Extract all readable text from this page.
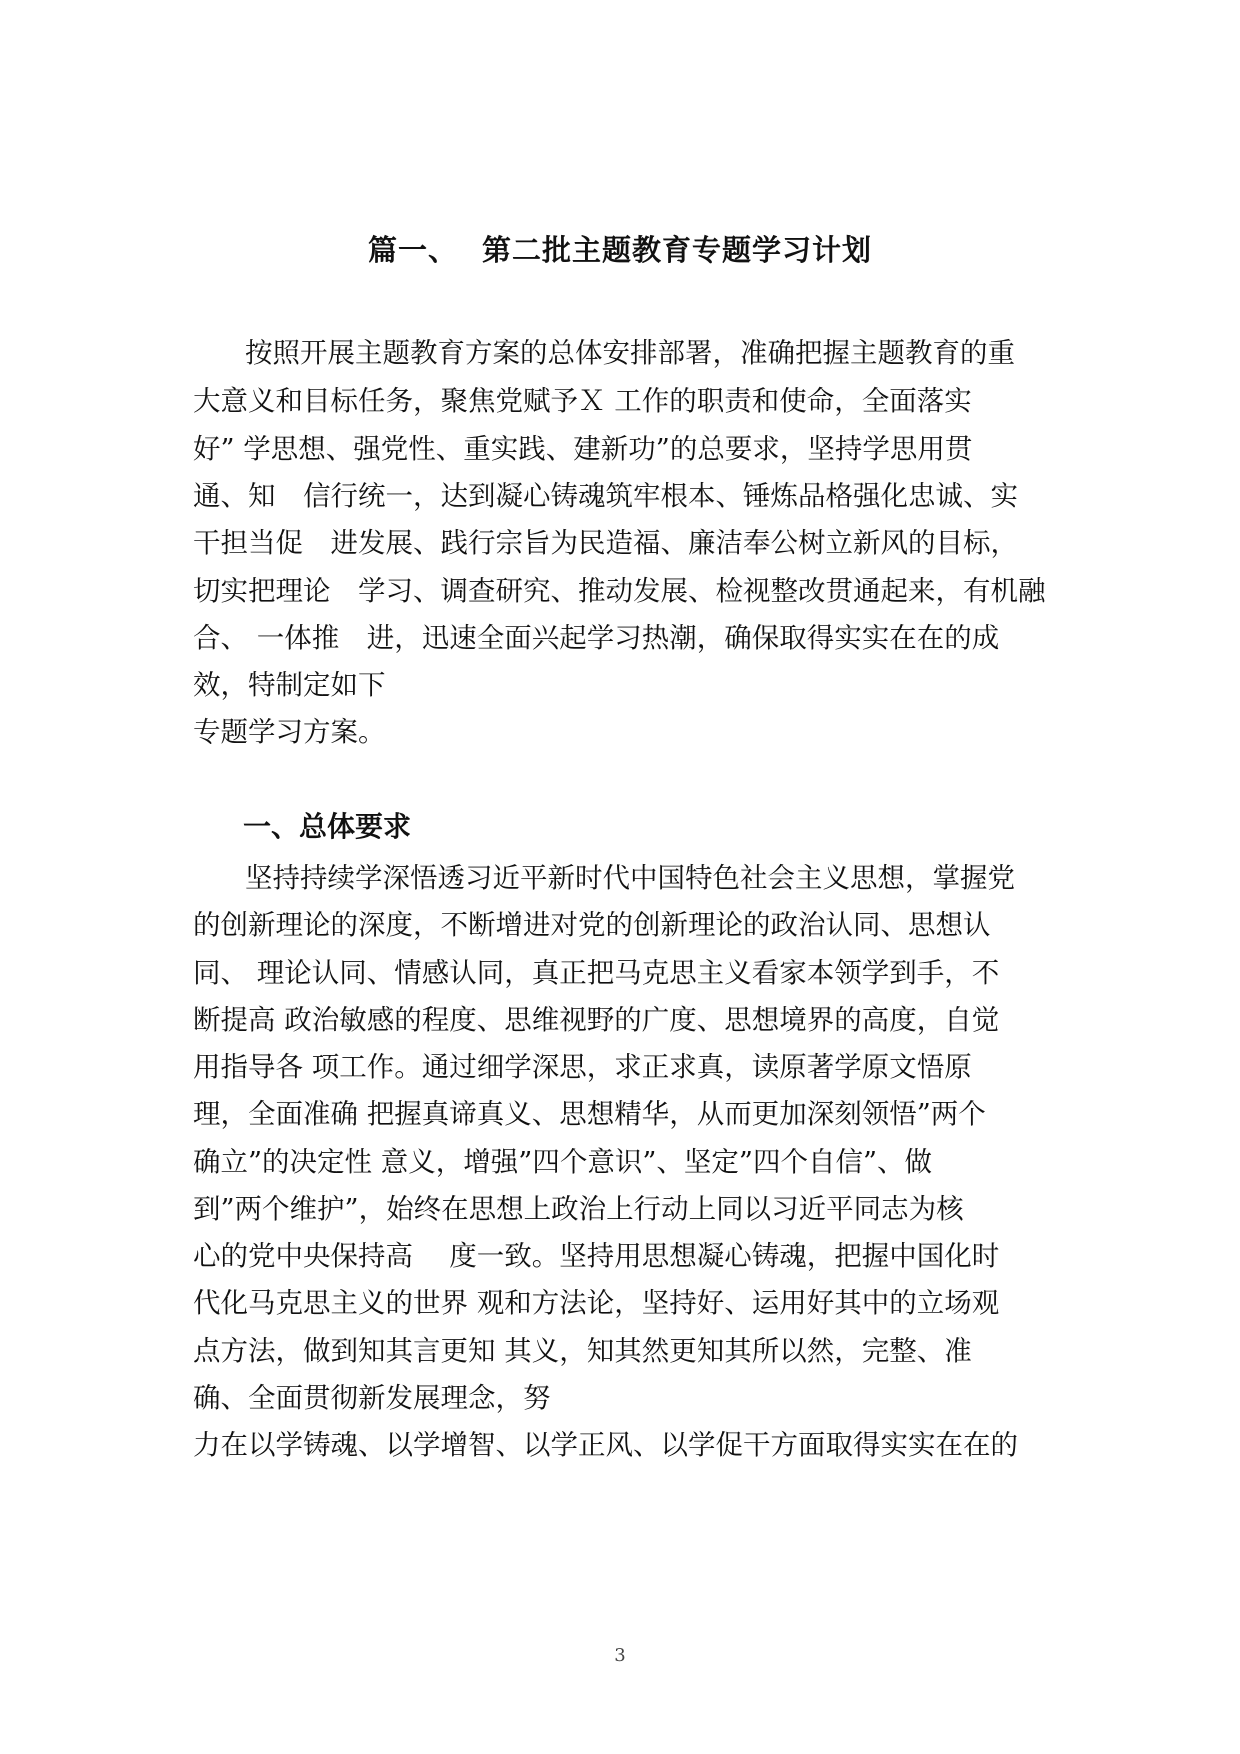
篇一、 第二批主题教育专题学习计划

按照开展主题教育方案的总体安排部署，准确把握主题教育的重

大意义和目标任务，聚焦党赋予Ｘ 工作的职责和使命，全面落实

好” 学思想、强党性、重实践、建新功”的总要求，坚持学思用贯

通、知　信行统一，达到凝心铸魂筑牢根本、锤炼品格强化忠诚、实

干担当促　进发展、践行宗旨为民造福、廉洁奉公树立新风的目标，

切实把理论　学习、调查研究、推动发展、检视整改贯通起来，有机融

合、 一体推　进，迅速全面兴起学习热潮，确保取得实实在在的成

效，特制定如下

专题学习方案。

一、总体要求

坚持持续学深悟透习近平新时代中国特色社会主义思想，掌握党

的创新理论的深度，不断增进对党的创新理论的政治认同、思想认

同、 理论认同、情感认同，真正把马克思主义看家本领学到手，不

断提高 政治敏感的程度、思维视野的广度、思想境界的高度，自觉

用指导各 项工作。通过细学深思，求正求真，读原著学原文悟原

理，全面准确 把握真谛真义、思想精华，从而更加深刻领悟”两个

确立”的决定性 意义，增强”四个意识”、坚定”四个自信”、做

到”两个维护”，始终在思想上政治上行动上同以习近平同志为核

心的党中央保持高　 度一致。坚持用思想凝心铸魂，把握中国化时

代化马克思主义的世界 观和方法论，坚持好、运用好其中的立场观

点方法，做到知其言更知 其义，知其然更知其所以然，完整、准

确、全面贯彻新发展理念，努

力在以学铸魂、以学增智、以学正风、以学促干方面取得实实在在的

3
